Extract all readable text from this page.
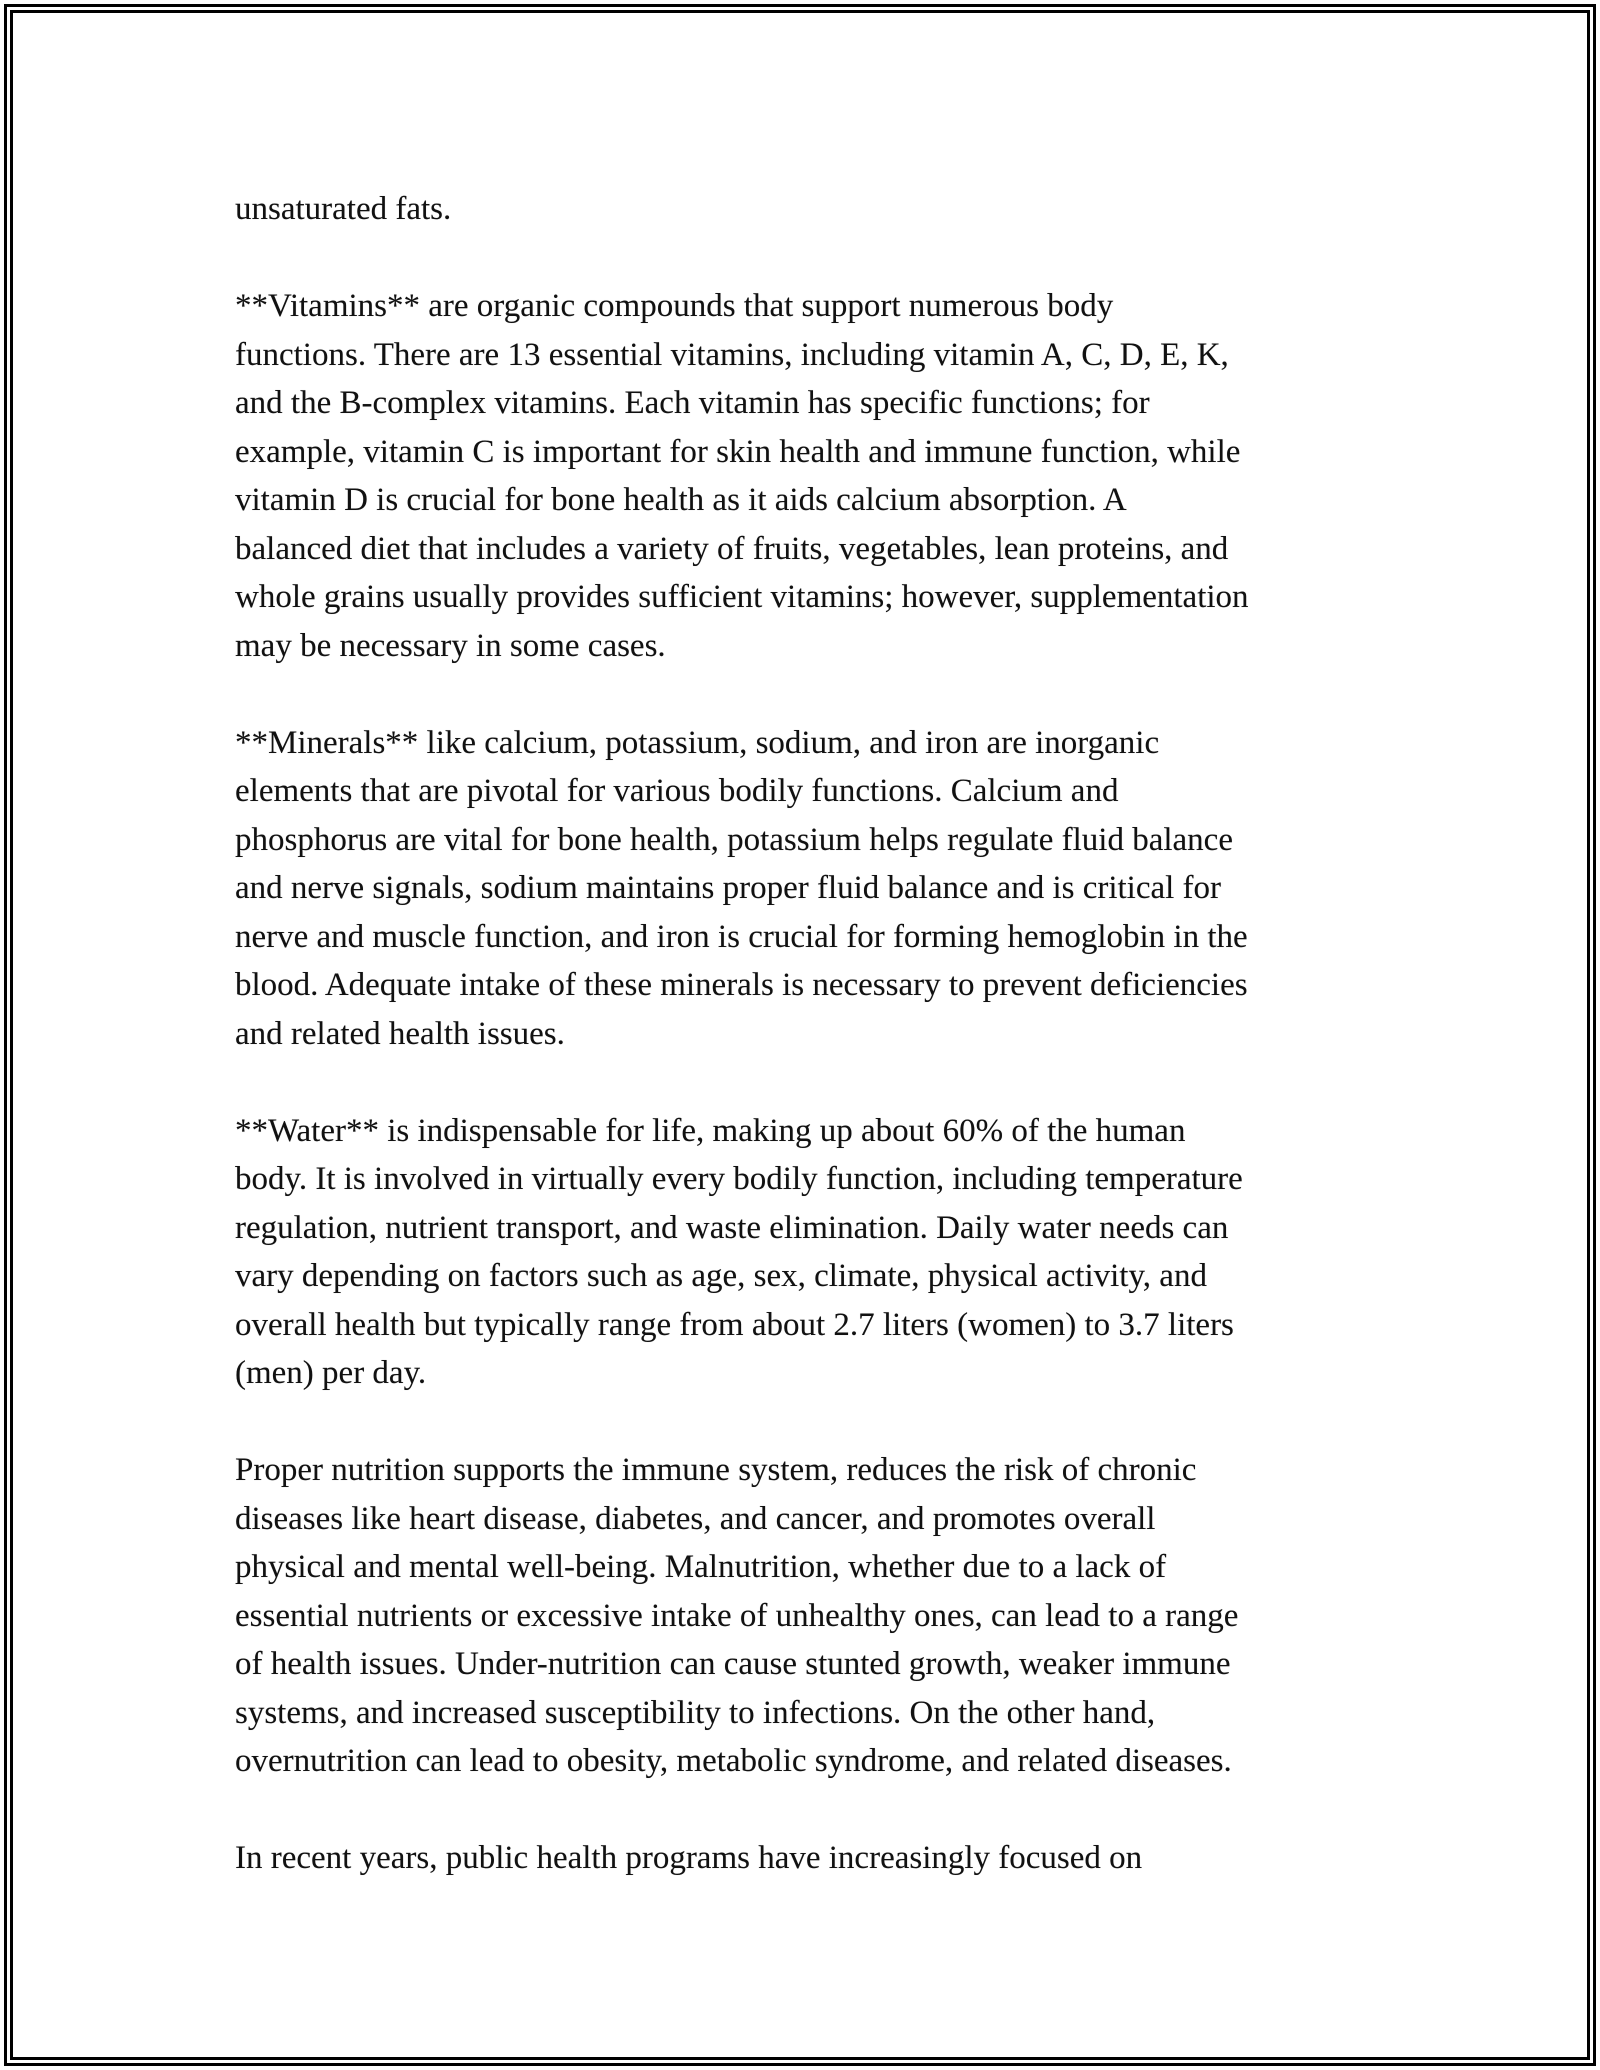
unsaturated fats.
**Vitamins** are organic compounds that support numerous body
functions. There are 13 essential vitamins, including vitamin A, C, D, E, K,
and the B-complex vitamins. Each vitamin has specific functions; for
example, vitamin C is important for skin health and immune function, while
vitamin D is crucial for bone health as it aids calcium absorption. A
balanced diet that includes a variety of fruits, vegetables, lean proteins, and
whole grains usually provides sufficient vitamins; however, supplementation
may be necessary in some cases.
**Minerals** like calcium, potassium, sodium, and iron are inorganic
elements that are pivotal for various bodily functions. Calcium and
phosphorus are vital for bone health, potassium helps regulate fluid balance
and nerve signals, sodium maintains proper fluid balance and is critical for
nerve and muscle function, and iron is crucial for forming hemoglobin in the
blood. Adequate intake of these minerals is necessary to prevent deficiencies
and related health issues.
**Water** is indispensable for life, making up about 60% of the human
body. It is involved in virtually every bodily function, including temperature
regulation, nutrient transport, and waste elimination. Daily water needs can
vary depending on factors such as age, sex, climate, physical activity, and
overall health but typically range from about 2.7 liters (women) to 3.7 liters
(men) per day.
Proper nutrition supports the immune system, reduces the risk of chronic
diseases like heart disease, diabetes, and cancer, and promotes overall
physical and mental well-being. Malnutrition, whether due to a lack of
essential nutrients or excessive intake of unhealthy ones, can lead to a range
of health issues. Under-nutrition can cause stunted growth, weaker immune
systems, and increased susceptibility to infections. On the other hand,
overnutrition can lead to obesity, metabolic syndrome, and related diseases.
In recent years, public health programs have increasingly focused on
